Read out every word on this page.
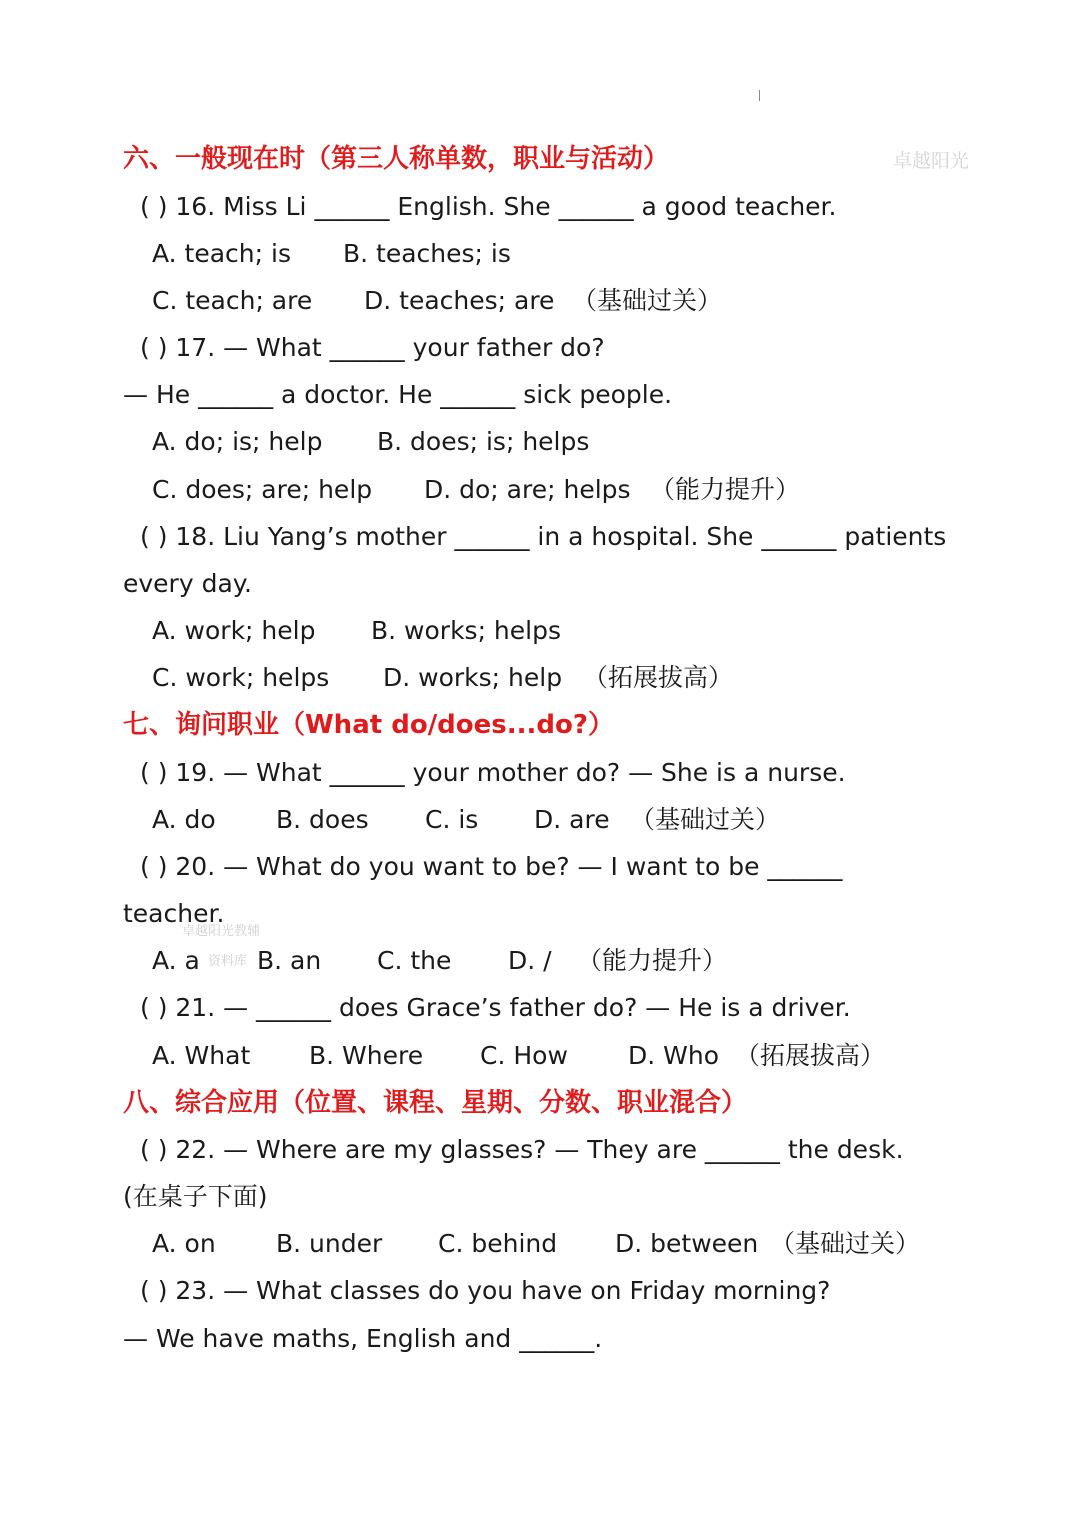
卓越阳光
六、一般现在时（第三人称单数，职业与活动）
( ) 16. Miss Li ______ English. She ______ a good teacher.
A. teach; is B. teaches; is
C. teach; are D. teaches; are （基础过关）
( ) 17. — What ______ your father do?
— He ______ a doctor. He ______ sick people.
A. do; is; help B. does; is; helps
C. does; are; help D. do; are; helps （能力提升）
( ) 18. Liu Yang’s mother ______ in a hospital. She ______ patients
every day.
A. work; help B. works; helps
C. work; helps D. works; help （拓展拔高）
七、询问职业（What do/does...do?）
( ) 19. — What ______ your mother do? — She is a nurse.
A. do B. does C. is D. are （基础过关）
( ) 20. — What do you want to be? — I want to be ______
teacher.
卓越阳光教辅
资料库
A. a B. an C. the D. / （能力提升）
( ) 21. — ______ does Grace’s father do? — He is a driver.
A. What B. Where C. How D. Who （拓展拔高）
八、综合应用（位置、课程、星期、分数、职业混合）
( ) 22. — Where are my glasses? — They are ______ the desk.
(在桌子下面)
A. on B. under C. behind D. between （基础过关）
( ) 23. — What classes do you have on Friday morning?
— We have maths, English and ______.
